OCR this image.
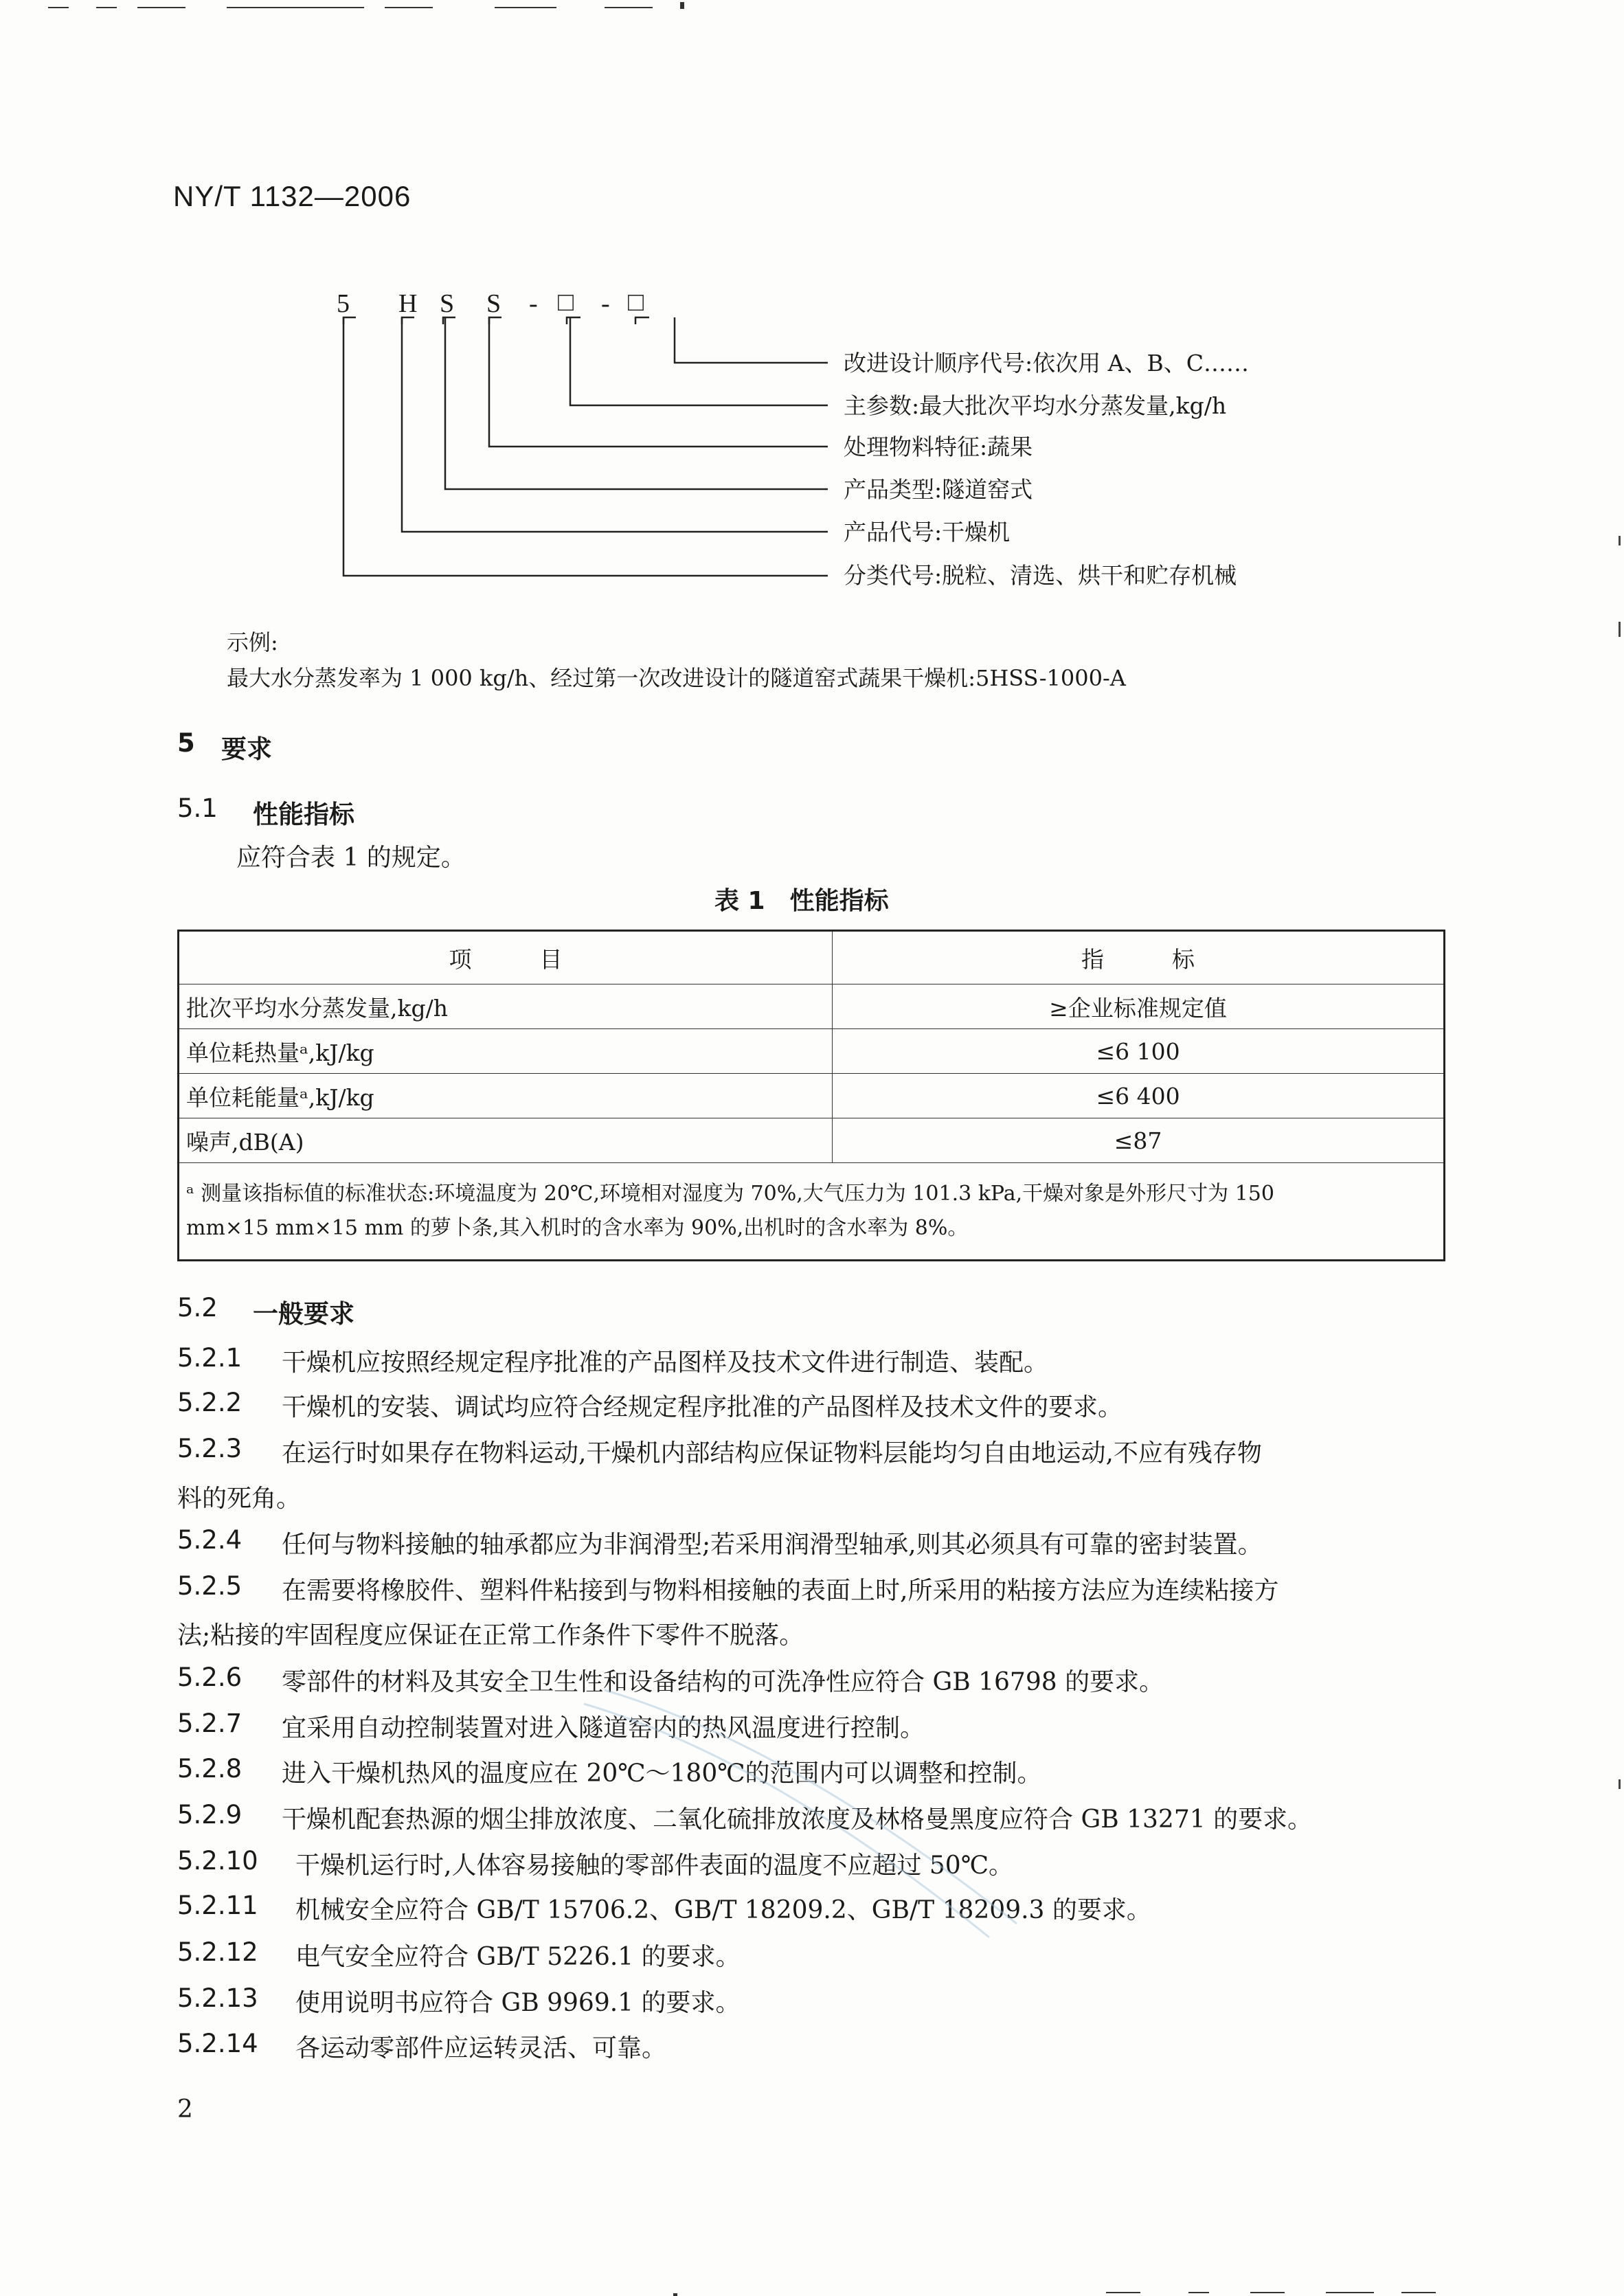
NY/T 1132—2006
5 H S S - □ - □
改进设计顺序代号:依次用 A、B、C……
主参数:最大批次平均水分蒸发量,kg/h
处理物料特征:蔬果
产品类型:隧道窑式
产品代号:干燥机
分类代号:脱粒、清选、烘干和贮存机械
示例:
最大水分蒸发率为 1 000 kg/h、经过第一次改进设计的隧道窑式蔬果干燥机:5HSS-1000-A
5 要求
5.1 性能指标
应符合表 1 的规定。
表 1　性能指标
项　　　目	指　　　标
批次平均水分蒸发量,kg/h	≥企业标准规定值
单位耗热量ᵃ,kJ/kg	≤6 100
单位耗能量ᵃ,kJ/kg	≤6 400
噪声,dB(A)	≤87

ᵃ 测量该指标值的标准状态:环境温度为 20℃,环境相对湿度为 70%,大气压力为 101.3 kPa,干燥对象是外形尺寸为 150
mm×15 mm×15 mm 的萝卜条,其入机时的含水率为 90%,出机时的含水率为 8%。	
5.2 一般要求
5.2.1 干燥机应按照经规定程序批准的产品图样及技术文件进行制造、装配。
5.2.2 干燥机的安装、调试均应符合经规定程序批准的产品图样及技术文件的要求。
5.2.3 在运行时如果存在物料运动,干燥机内部结构应保证物料层能均匀自由地运动,不应有残存物
料的死角。
5.2.4 任何与物料接触的轴承都应为非润滑型;若采用润滑型轴承,则其必须具有可靠的密封装置。
5.2.5 在需要将橡胶件、塑料件粘接到与物料相接触的表面上时,所采用的粘接方法应为连续粘接方
法;粘接的牢固程度应保证在正常工作条件下零件不脱落。
5.2.6 零部件的材料及其安全卫生性和设备结构的可洗净性应符合 GB 16798 的要求。
5.2.7 宜采用自动控制装置对进入隧道窑内的热风温度进行控制。
5.2.8 进入干燥机热风的温度应在 20℃～180℃的范围内可以调整和控制。
5.2.9 干燥机配套热源的烟尘排放浓度、二氧化硫排放浓度及林格曼黑度应符合 GB 13271 的要求。
5.2.10 干燥机运行时,人体容易接触的零部件表面的温度不应超过 50℃。
5.2.11 机械安全应符合 GB/T 15706.2、GB/T 18209.2、GB/T 18209.3 的要求。
5.2.12 电气安全应符合 GB/T 5226.1 的要求。
5.2.13 使用说明书应符合 GB 9969.1 的要求。
5.2.14 各运动零部件应运转灵活、可靠。
2
